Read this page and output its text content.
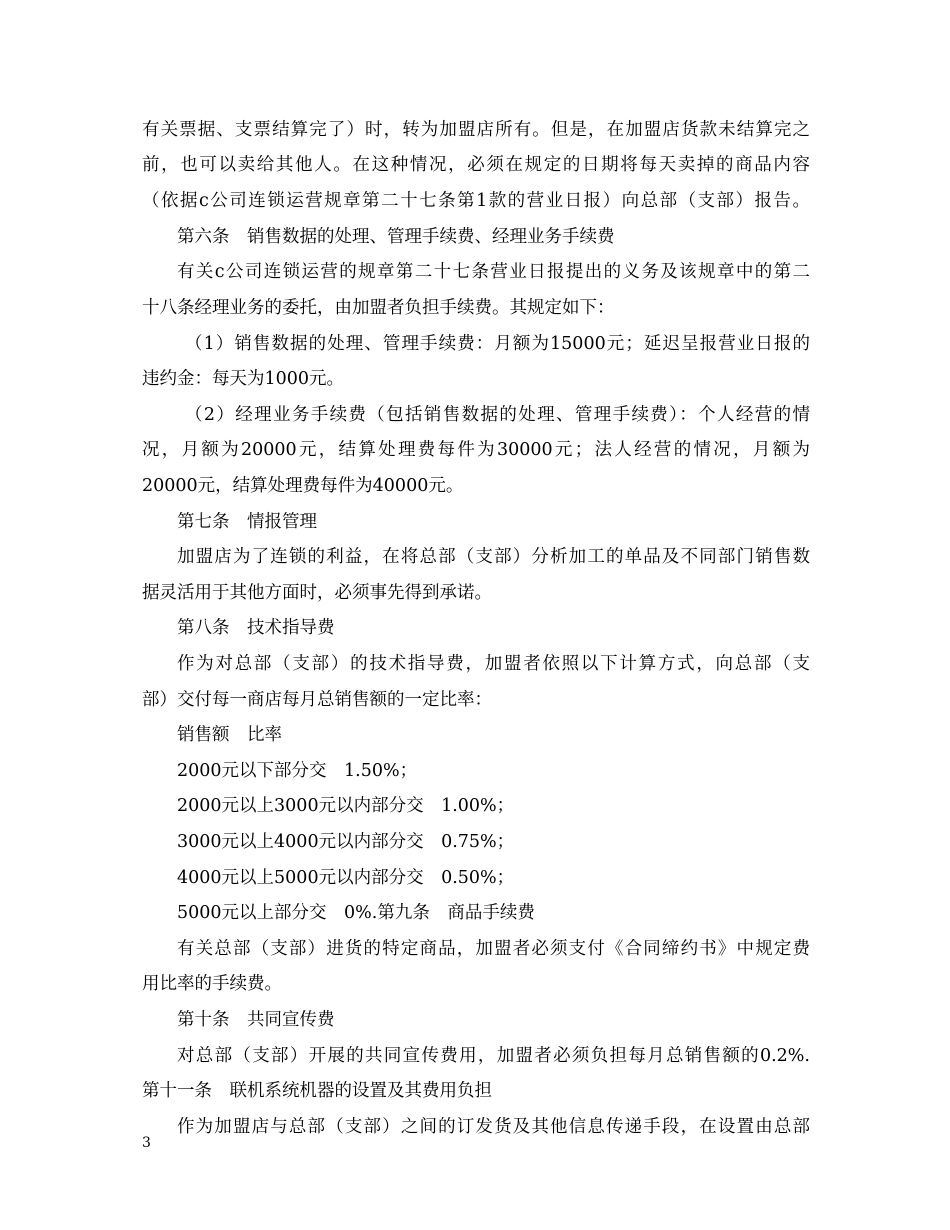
有关票据、支票结算完了）时，转为加盟店所有。但是，在加盟店货款未结算完之
前，也可以卖给其他人。在这种情况，必须在规定的日期将每天卖掉的商品内容
（依据c公司连锁运营规章第二十七条第1款的营业日报）向总部（支部）报告。
第六条　销售数据的处理、管理手续费、经理业务手续费
有关c公司连锁运营的规章第二十七条营业日报提出的义务及该规章中的第二
十八条经理业务的委托，由加盟者负担手续费。其规定如下：
（1）销售数据的处理、管理手续费：月额为15000元；延迟呈报营业日报的
违约金：每天为1000元。
（2）经理业务手续费（包括销售数据的处理、管理手续费）：个人经营的情
况，月额为20000元，结算处理费每件为30000元；法人经营的情况，月额为
20000元，结算处理费每件为40000元。
第七条　情报管理
加盟店为了连锁的利益，在将总部（支部）分析加工的单品及不同部门销售数
据灵活用于其他方面时，必须事先得到承诺。
第八条　技术指导费
作为对总部（支部）的技术指导费，加盟者依照以下计算方式，向总部（支
部）交付每一商店每月总销售额的一定比率：
销售额　比率
2000元以下部分交　1.50%；
2000元以上3000元以内部分交　1.00%；
3000元以上4000元以内部分交　0.75%；
4000元以上5000元以内部分交　0.50%；
5000元以上部分交　0%.第九条　商品手续费
有关总部（支部）进货的特定商品，加盟者必须支付《合同缔约书》中规定费
用比率的手续费。
第十条　共同宣传费
对总部（支部）开展的共同宣传费用，加盟者必须负担每月总销售额的0.2%.
第十一条　联机系统机器的设置及其费用负担
作为加盟店与总部（支部）之间的订发货及其他信息传递手段，在设置由总部
3
